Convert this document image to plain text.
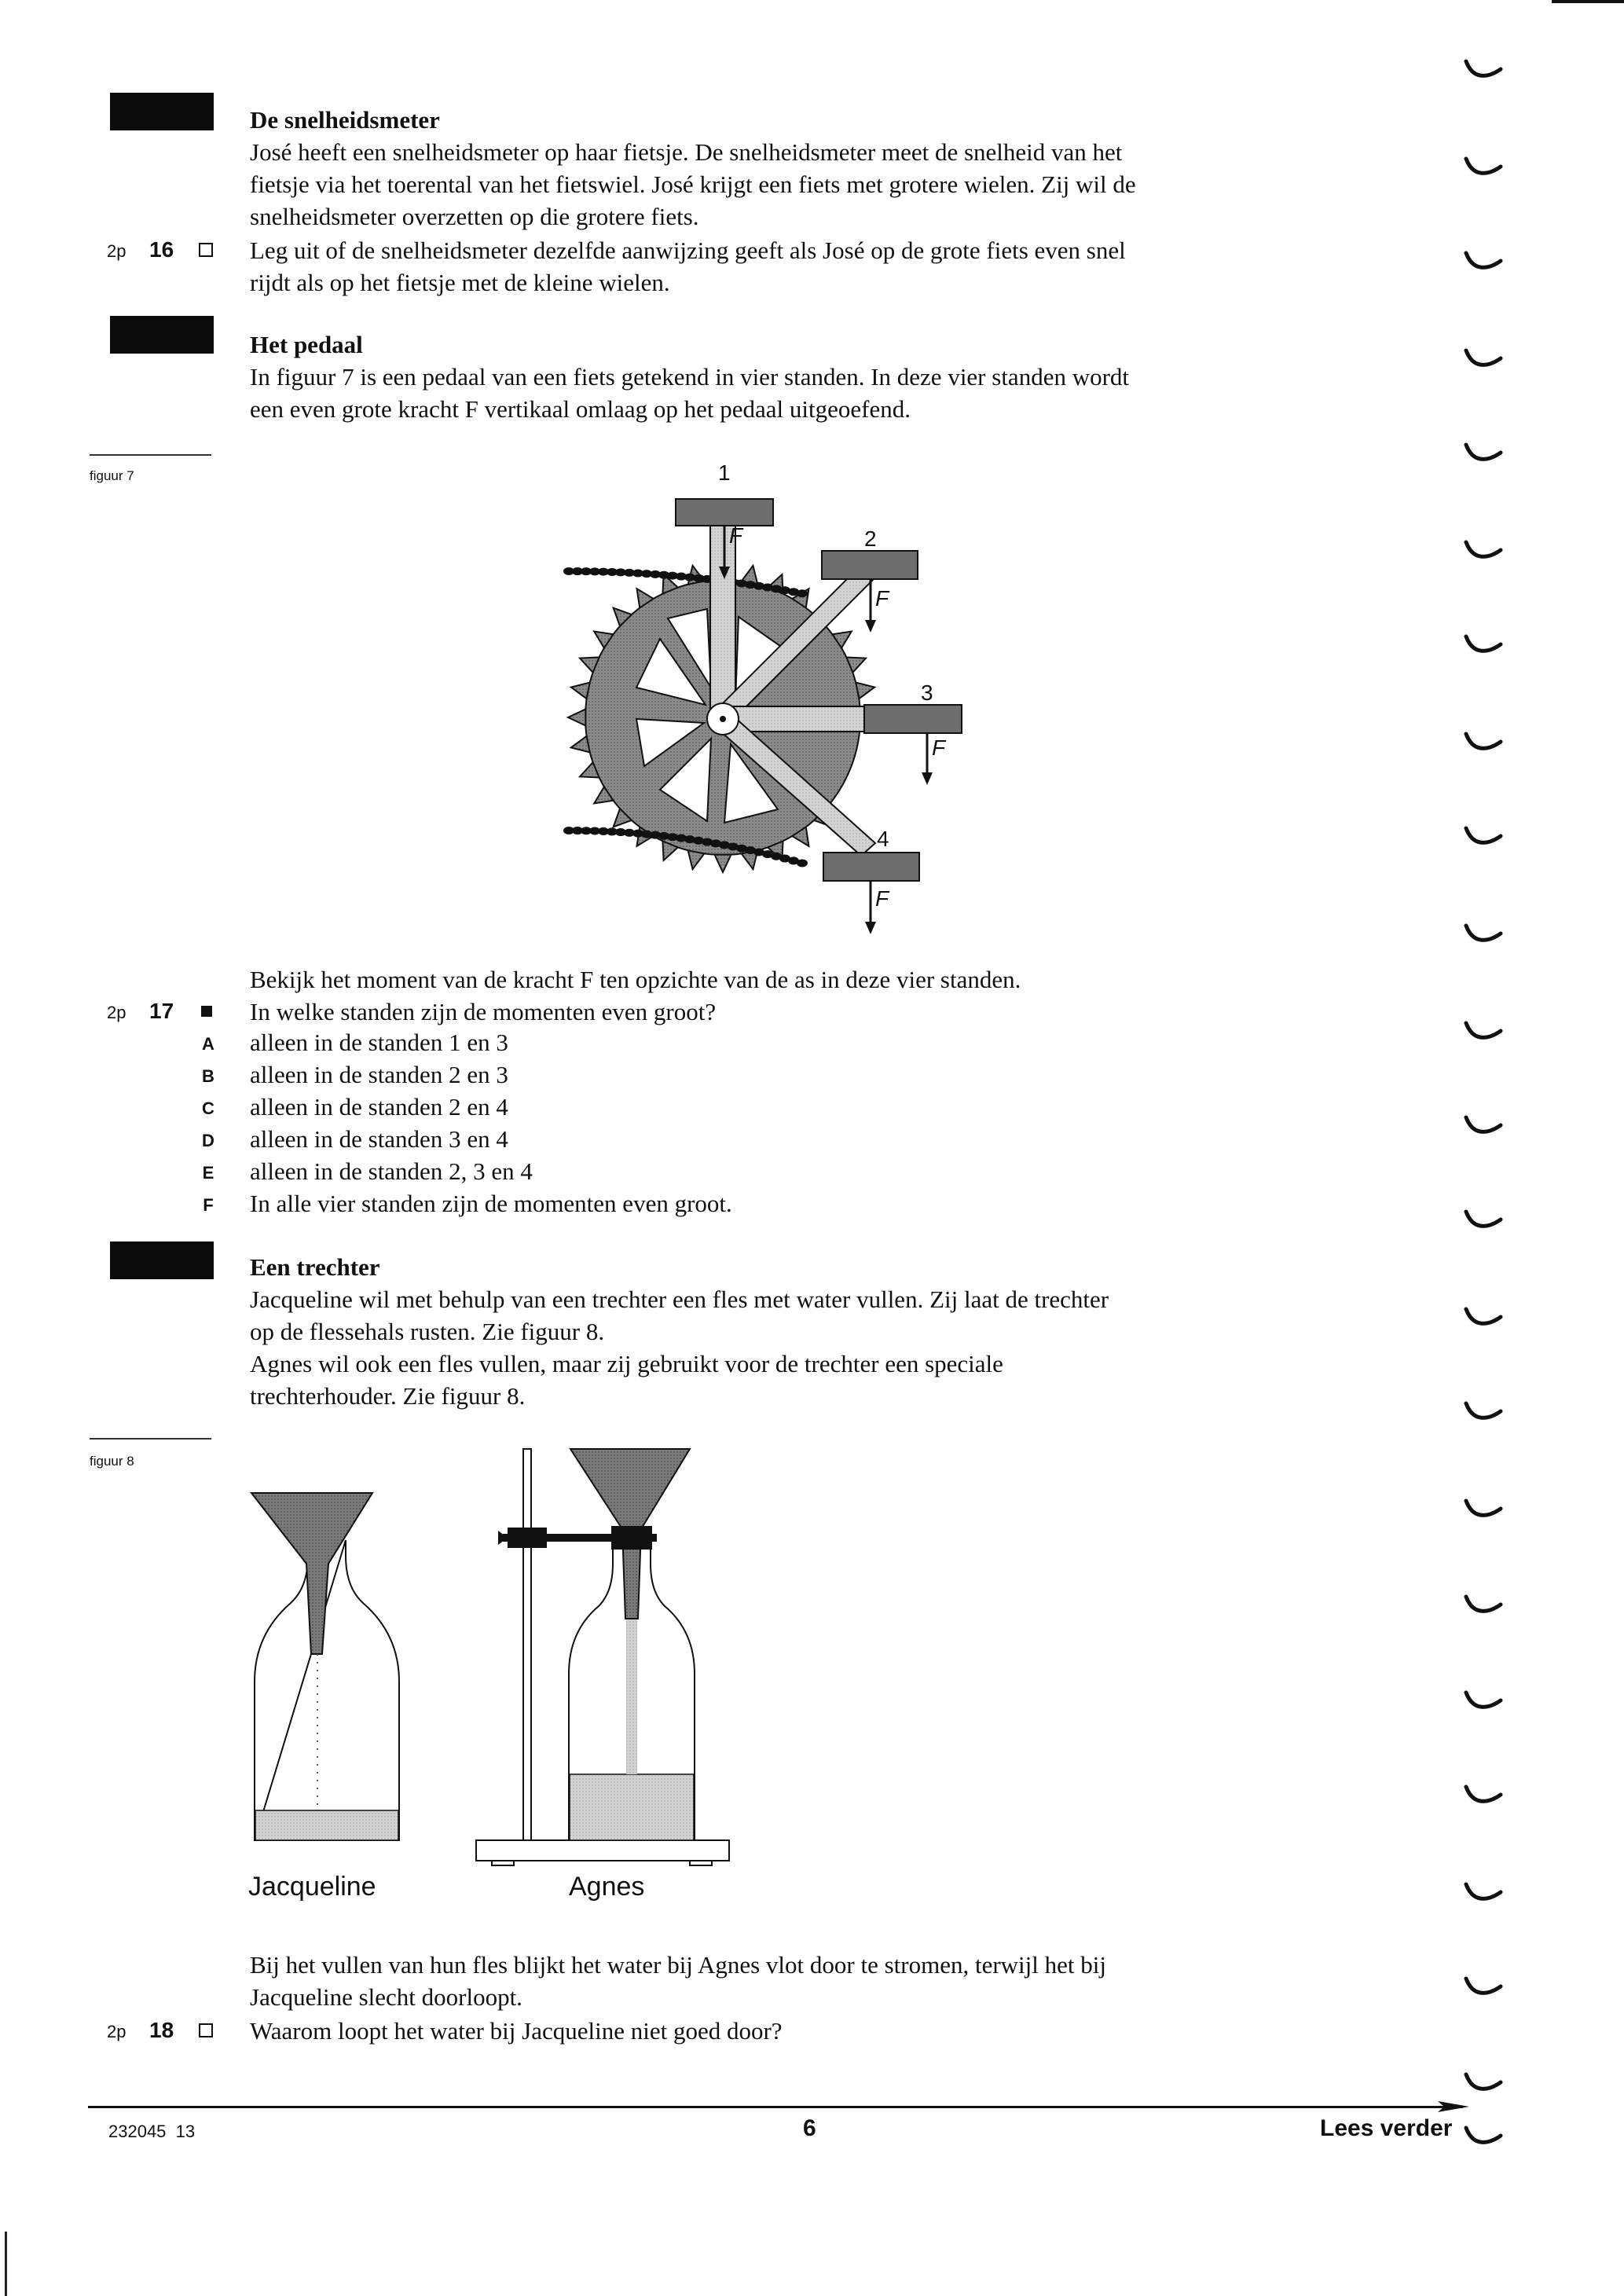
De snelheidsmeter

José heeft een snelheidsmeter op haar fietsje. De snelheidsmeter meet de snelheid van het

fietsje via het toerental van het fietswiel. José krijgt een fiets met grotere wielen. Zij wil de

snelheidsmeter overzetten op die grotere fiets.

2p 16	Leg uit of de snelheidsmeter dezelfde aanwijzing geeft als José op de grote fiets even snel
rijdt als op het fietsje met de kleine wielen.

Het pedaal

In figuur 7 is een pedaal van een fiets getekend in vier standen. In deze vier standen wordt

een even grote kracht F vertikaal omlaag op het pedaal uitgeoefend.

figuur 7	1
2
3
4
F
F
F
F
Bekijk het moment van de kracht F ten opzichte van de as in deze vier standen.
2p 17	In welke standen zijn de momenten even groot?
A alleen in de standen 1 en 3
B alleen in de standen 2 en 3
C alleen in de standen 2 en 4
D alleen in de standen 3 en 4
E alleen in de standen 2, 3 en 4
F In alle vier standen zijn de momenten even groot.

Een trechter

Jacqueline wil met behulp van een trechter een fles met water vullen. Zij laat de trechter

op de flessehals rusten. Zie figuur 8.

Agnes wil ook een fles vullen, maar zij gebruikt voor de trechter een speciale

trechterhouder. Zie figuur 8.

figuur 8
Jacqueline	Agnes
Bij het vullen van hun fles blijkt het water bij Agnes vlot door te stromen, terwijl het bij
Jacqueline slecht doorloopt.
2p 18	Waarom loopt het water bij Jacqueline niet goed door?
232045  13	6	Lees verder
